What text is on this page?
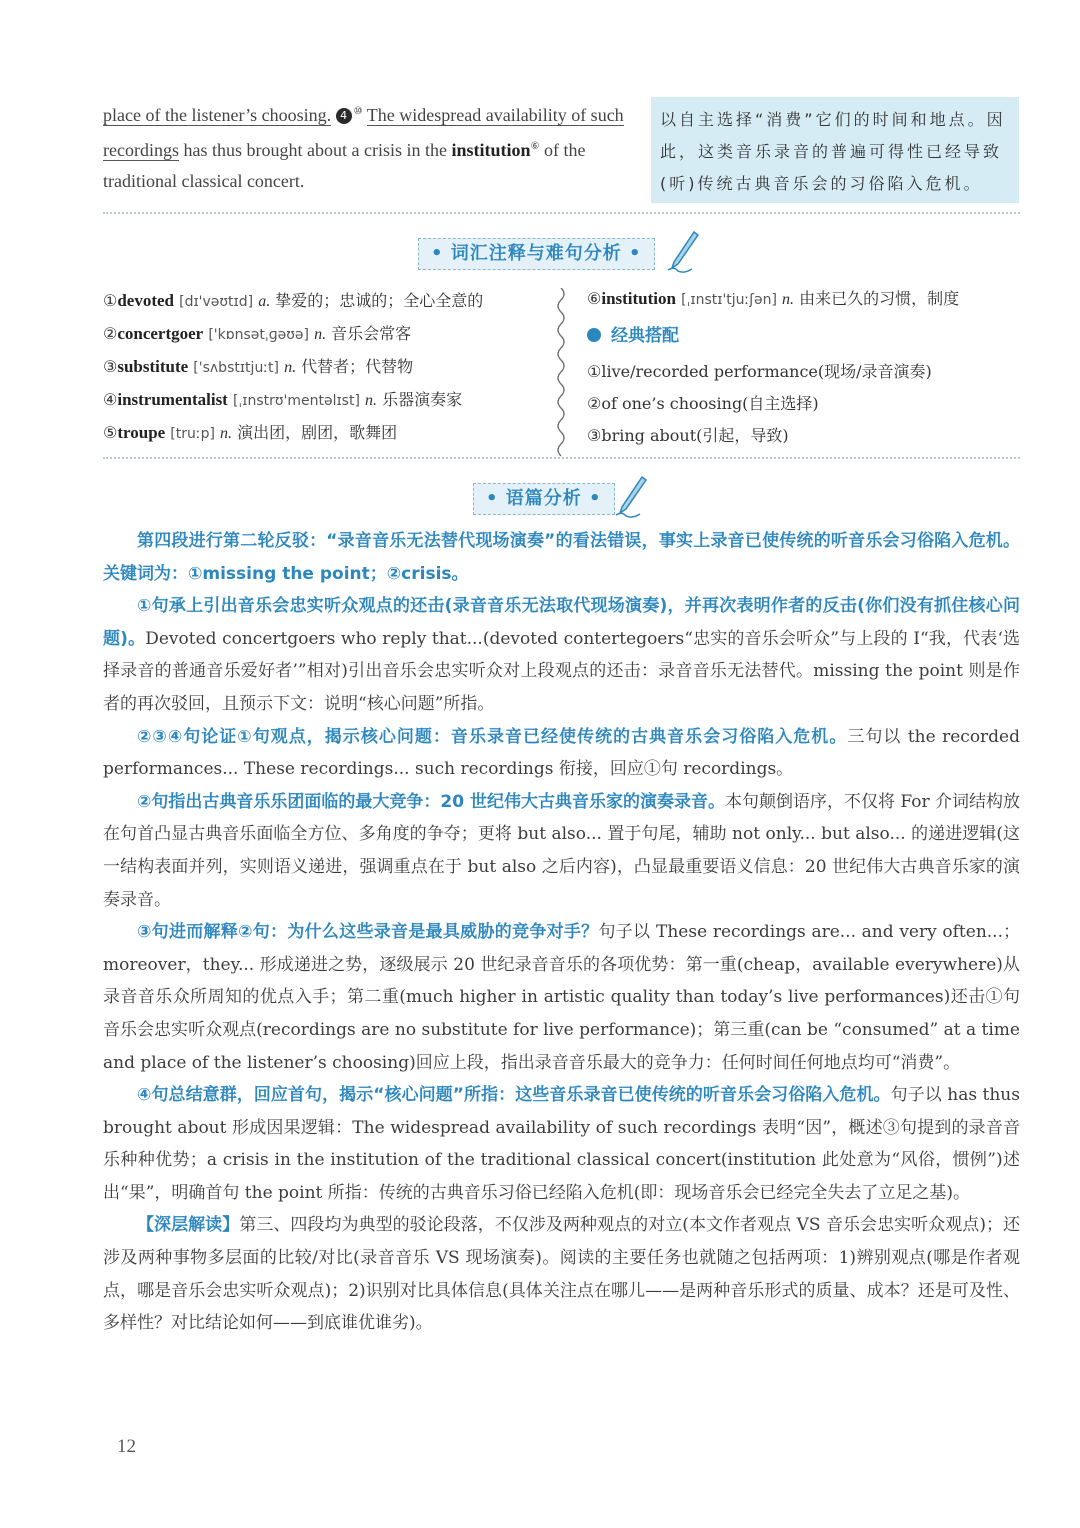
place of the listener’s choosing. 4 ⑩ The widespread availability of such recordings has thus brought about a crisis in the institution⑥ of the traditional classical concert.
以自主选择“消费”它们的时间和地点。因此，这类音乐录音的普遍可得性已经导致(听)传统古典音乐会的习俗陷入危机。
• 词汇注释与难句分析 •
①devoted [dɪ'vəʊtɪd] a. 挚爱的；忠诚的；全心全意的
②concertgoer ['kɒnsətˌɡəʊə] n. 音乐会常客
③substitute ['sʌbstɪtjuːt] n. 代替者；代替物
④instrumentalist [ˌɪnstrʊ'mentəlɪst] n. 乐器演奏家
⑤troupe [truːp] n. 演出团，剧团，歌舞团
⑥institution [ˌɪnstɪ'tjuːʃən] n. 由来已久的习惯，制度
经典搭配
①live/recorded performance(现场/录音演奏)
②of one’s choosing(自主选择)
③bring about(引起，导致)
• 语篇分析 •

第四段进行第二轮反驳：“录音音乐无法替代现场演奏”的看法错误，事实上录音已使传统的听音乐会习俗陷入危机。关键词为：①missing the point；②crisis。

①句承上引出音乐会忠实听众观点的还击(录音音乐无法取代现场演奏)，并再次表明作者的反击(你们没有抓住核心问题)。Devoted concertgoers who reply that...(devoted contertegoers“忠实的音乐会听众”与上段的 I“我，代表‘选择录音的普通音乐爱好者’”相对)引出音乐会忠实听众对上段观点的还击：录音音乐无法替代。missing the point 则是作者的再次驳回，且预示下文：说明“核心问题”所指。

②③④句论证①句观点，揭示核心问题：音乐录音已经使传统的古典音乐会习俗陷入危机。三句以 the recorded performances... These recordings... such recordings 衔接，回应①句 recordings。

②句指出古典音乐乐团面临的最大竞争：20 世纪伟大古典音乐家的演奏录音。本句颠倒语序，不仅将 For 介词结构放在句首凸显古典音乐面临全方位、多角度的争夺；更将 but also... 置于句尾，辅助 not only... but also... 的递进逻辑(这一结构表面并列，实则语义递进，强调重点在于 but also 之后内容)，凸显最重要语义信息：20 世纪伟大古典音乐家的演奏录音。

③句进而解释②句：为什么这些录音是最具威胁的竞争对手？句子以 These recordings are... and very often...；moreover，they... 形成递进之势，逐级展示 20 世纪录音音乐的各项优势：第一重(cheap，available everywhere)从录音音乐众所周知的优点入手；第二重(much higher in artistic quality than today’s live performances)还击①句音乐会忠实听众观点(recordings are no substitute for live performance)；第三重(can be “consumed” at a time and place of the listener’s choosing)回应上段，指出录音音乐最大的竞争力：任何时间任何地点均可“消费”。

④句总结意群，回应首句，揭示“核心问题”所指：这些音乐录音已使传统的听音乐会习俗陷入危机。句子以 has thus brought about 形成因果逻辑：The widespread availability of such recordings 表明“因”，概述③句提到的录音音乐种种优势；a crisis in the institution of the traditional classical concert(institution 此处意为“风俗，惯例”)述出“果”，明确首句 the point 所指：传统的古典音乐习俗已经陷入危机(即：现场音乐会已经完全失去了立足之基)。

【深层解读】第三、四段均为典型的驳论段落，不仅涉及两种观点的对立(本文作者观点 VS 音乐会忠实听众观点)；还涉及两种事物多层面的比较/对比(录音音乐 VS 现场演奏)。阅读的主要任务也就随之包括两项：1)辨别观点(哪是作者观点，哪是音乐会忠实听众观点)；2)识别对比具体信息(具体关注点在哪儿——是两种音乐形式的质量、成本？还是可及性、多样性？对比结论如何——到底谁优谁劣)。

12
